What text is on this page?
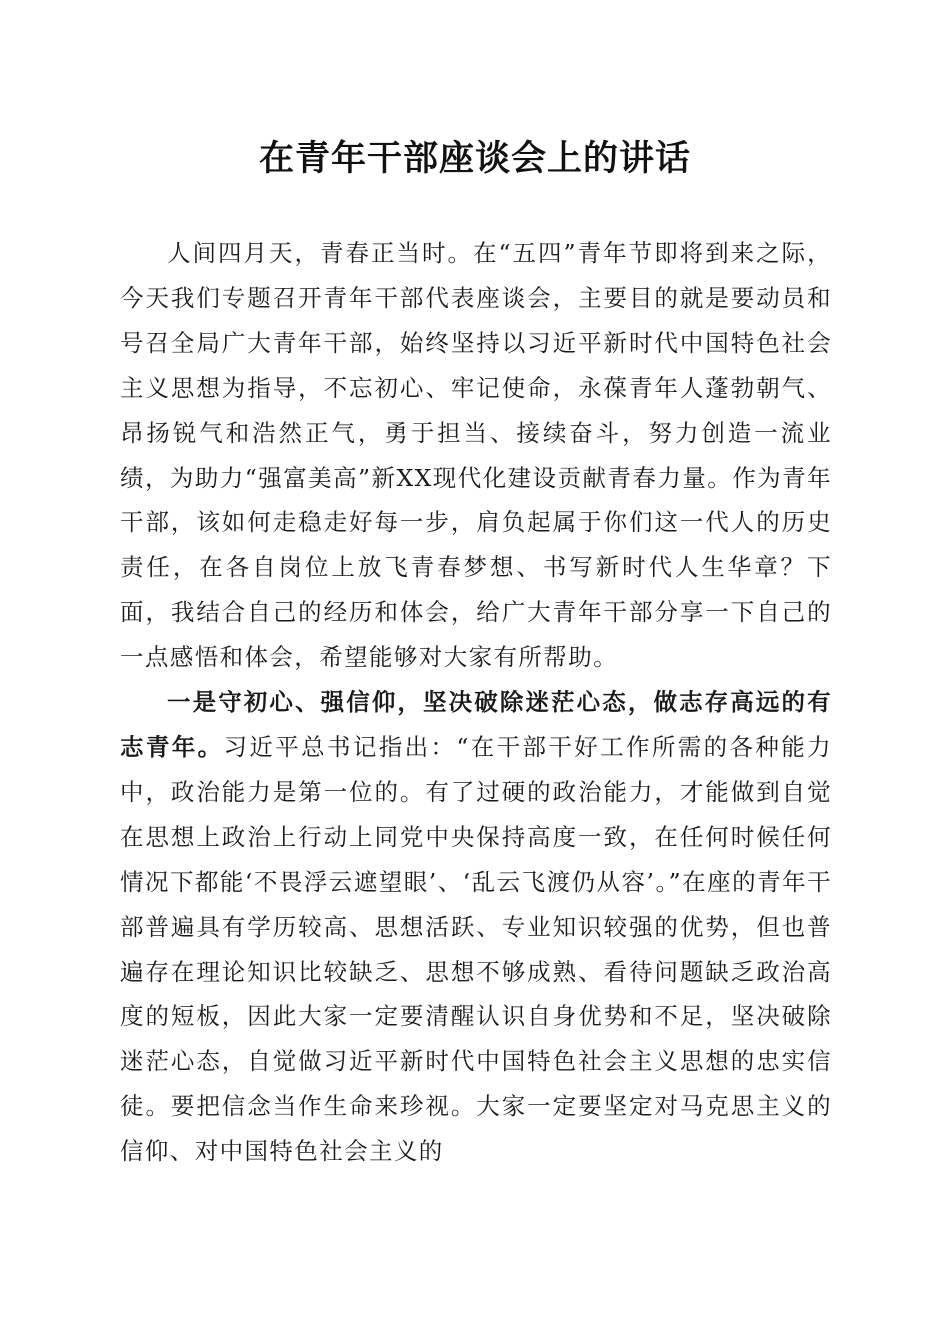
在青年干部座谈会上的讲话

人间四月天，青春正当时。在“五四”青年节即将到来之际，今天我们专题召开青年干部代表座谈会，主要目的就是要动员和号召全局广大青年干部，始终坚持以习近平新时代中国特色社会主义思想为指导，不忘初心、牢记使命，永葆青年人蓬勃朝气、昂扬锐气和浩然正气，勇于担当、接续奋斗，努力创造一流业绩，为助力“强富美高”新XX现代化建设贡献青春力量。作为青年干部，该如何走稳走好每一步，肩负起属于你们这一代人的历史责任，在各自岗位上放飞青春梦想、书写新时代人生华章？下面，我结合自己的经历和体会，给广大青年干部分享一下自己的一点感悟和体会，希望能够对大家有所帮助。

一是守初心、强信仰，坚决破除迷茫心态，做志存高远的有志青年。习近平总书记指出：“在干部干好工作所需的各种能力中，政治能力是第一位的。有了过硬的政治能力，才能做到自觉在思想上政治上行动上同党中央保持高度一致，在任何时候任何情况下都能‘不畏浮云遮望眼’、‘乱云飞渡仍从容’。”在座的青年干部普遍具有学历较高、思想活跃、专业知识较强的优势，但也普遍存在理论知识比较缺乏、思想不够成熟、看待问题缺乏政治高度的短板，因此大家一定要清醒认识自身优势和不足，坚决破除迷茫心态，自觉做习近平新时代中国特色社会主义思想的忠实信徒。要把信念当作生命来珍视。大家一定要坚定对马克思主义的信仰、对中国特色社会主义的
